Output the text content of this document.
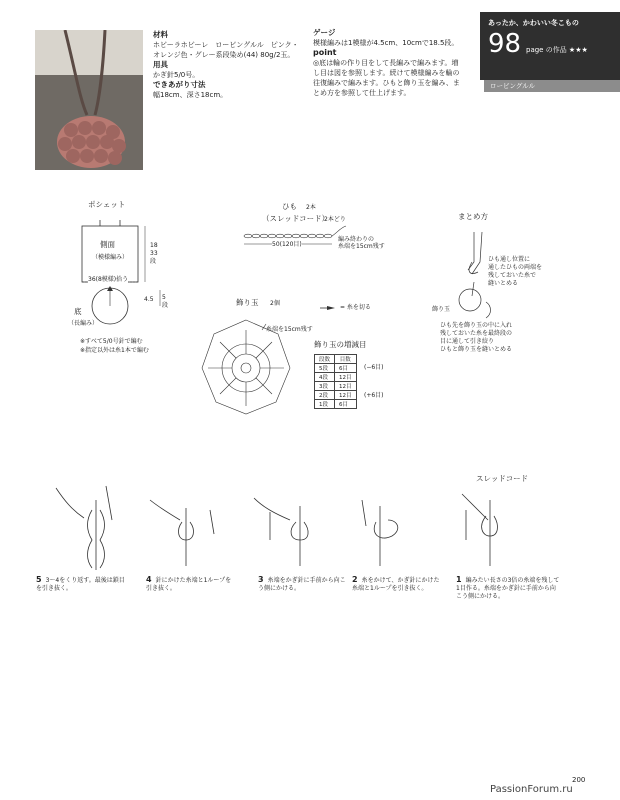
材料
ホビーラホビーレ　ロービングルル　ピンク・オレンジ色・グレー系段染め(44) 80g/2玉。
用具
かぎ針5/0号。
できあがり寸法
幅18cm、深さ18cm。
ゲージ
模様編みは1模様が4.5cm、10cmで18.5段。
point
◎底は輪の作り目をして長編みで編みます。増し目は図を参照します。続けて模様編みを輪の往復編みで編みます。ひもと飾り玉を編み、まとめ方を参照して仕上げます。
あったか、かわいい冬こもの
98 page の作品 ★★★
ロービングルル
ポシェット
側面
（模様編み）
18
33
段
36(8模様)拾う
4.5 5
段
底
（長編み）
※すべて5/0号針で編む
※指定以外は糸1本で編む
ひも 2本
（スレッドコード）
2本どり
50(120目)
編み終わりの
糸端を15cm残す
まとめ方
ひも通し位置に
通したひもの両端を
残しておいた糸で
縫いとめる
飾り玉
ひも先を飾り玉の中に入れ
残しておいた糸を最終段の
目に通して引き絞り
ひもと飾り玉を縫いとめる
飾り玉 2個
= 糸を切る
糸端を15cm残す
飾り玉の増減目
段数	目数
5段	6目
4段	12目
3段	12目
2段	12目
1段	6目
(−6目)
(+6目)
スレッドコード
5 3〜4をくり返す。最後は鎖目を引き抜く。
4 針にかけた糸端と1ループを引き抜く。
3 糸端をかぎ針に手前から向こう側にかける。
2 糸をかけて、かぎ針にかけた糸端と1ループを引き抜く。
1 編みたい長さの3倍の糸端を残して1目作る。糸端をかぎ針に手前から向こう側にかける。
200
PassionForum.ru
